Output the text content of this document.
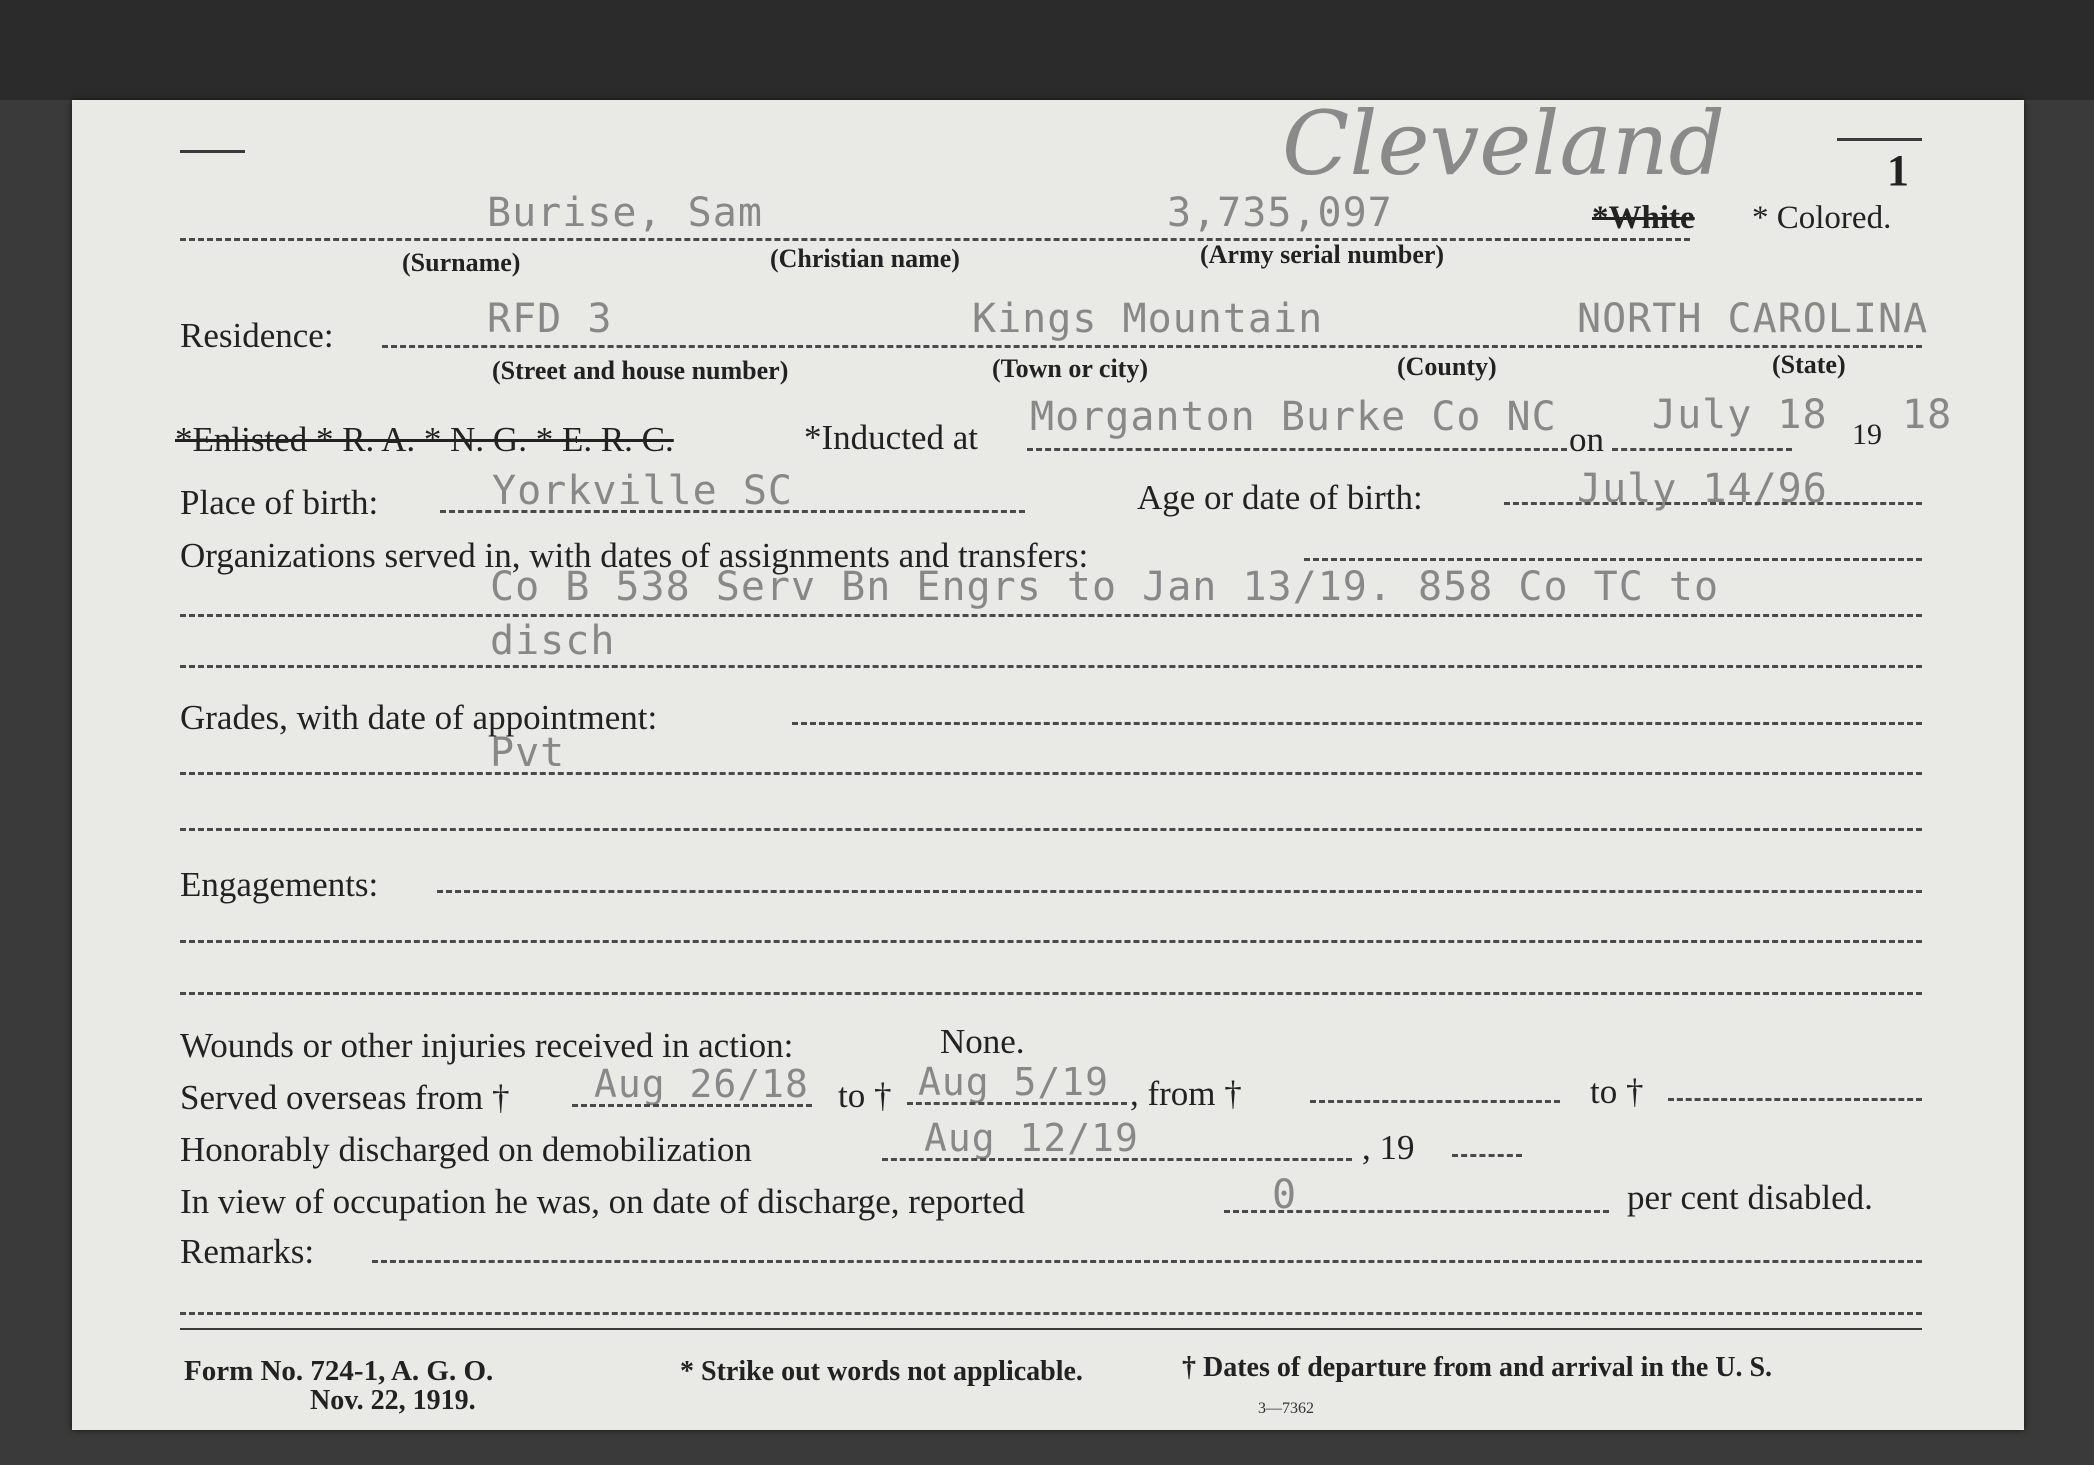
Cleveland	1
Burise, Sam	3,735,097	*White * Colored.
(Surname)	(Christian name)	(Army serial number)
Residence:	RFD 3	Kings Mountain	NORTH CAROLINA
(Street and house number)	(Town or city)	(County)	(State)
*Enlisted * R. A. * N. G. * E. R. C.	*Inducted at Morganton Burke Co NC on
July 18 19 18
Place of birth:	Yorkville SC	Age or date of birth:	July 14/96
Organizations served in, with dates of assignments and transfers:
Co B 538 Serv Bn Engrs to Jan 13/19. 858 Co TC to
disch
Grades, with date of appointment:
Pvt
Engagements:
Wounds or other injuries received in action:	None.
Served overseas from † Aug 26/18 to † Aug 5/19 , from †	to †
Honorably discharged on demobilization	Aug 12/19	, 19
In view of occupation he was, on date of discharge, reported	0	per cent disabled.
Remarks:
Form No. 724-1, A. G. O.
Nov. 22, 1919.
* Strike out words not applicable.	† Dates of departure from and arrival in the U. S.
3—7362
